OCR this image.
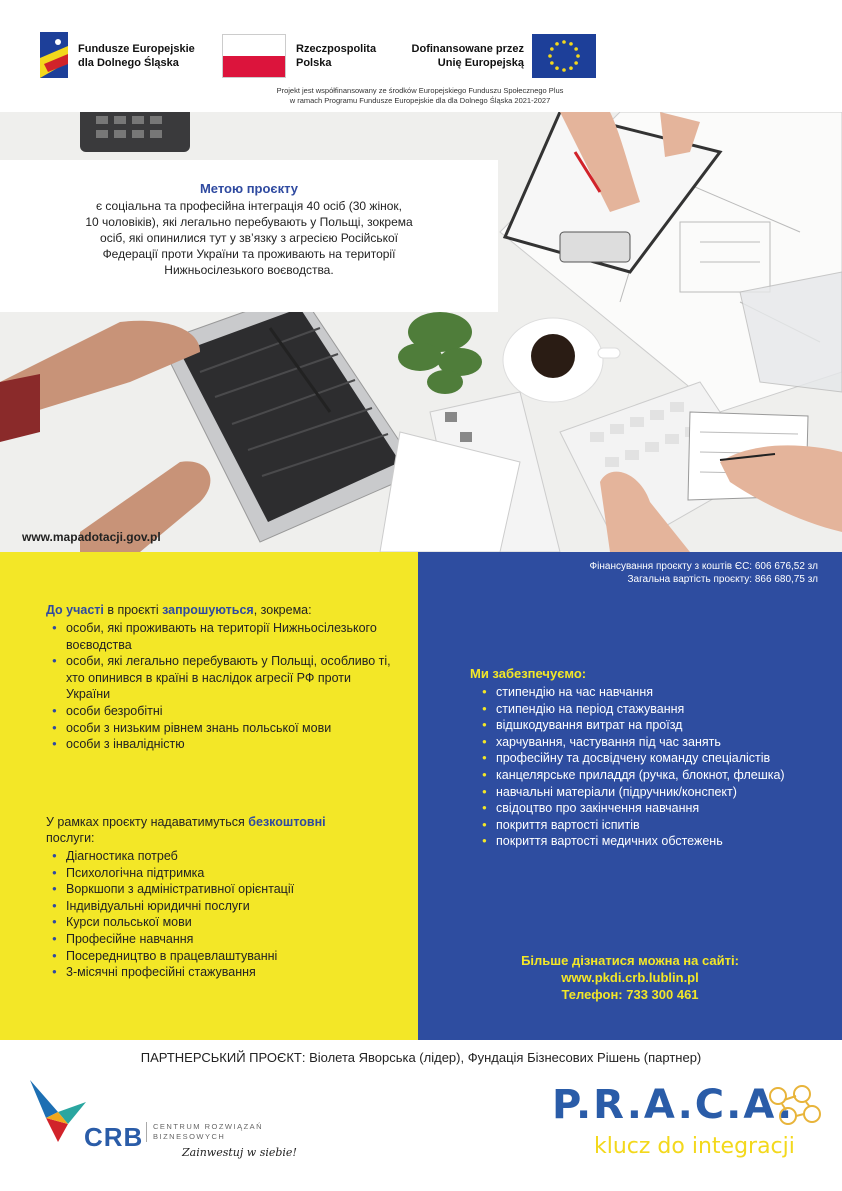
Fundusze Europejskie
dla Dolnego Śląska
Rzeczpospolita
Polska
Dofinansowane przez
Unię Europejską
Projekt jest współfinansowany ze środków Europejskiego Funduszu Społecznego Plus
w ramach Programu Fundusze Europejskie dla dla Dolnego Śląska 2021-2027
Метою проєкту
є соціальна та професійна інтеграція 40 осіб (30 жінок,
10 чоловіків), які легально перебувають у Польщі, зокрема
осіб, які опинилися тут у зв’язку з агресією Російської
Федерації проти України та проживають на території
Нижньосілезького воєводства.
www.mapadotacji.gov.pl
До участі в проєкті запрошуються, зокрема:
● особи, які проживають на території Нижньосілезького воєводства
● особи, які легально перебувають у Польщі, особливо ті, хто опинився в країні в наслідок агресії РФ проти України
● особи безробітні
● особи з низьким рівнем знань польської мови
● особи з інвалідністю
У рамках проєкту надаватимуться безкоштовні
послуги:
● Діагностика потреб
● Психологічна підтримка
● Воркшопи з адміністративної орієнтації
● Індивідуальні юридичні послуги
● Курси польської мови
● Професійне навчання
● Посередництво в працевлаштуванні
● 3-місячні професійні стажування
Фінансування проєкту з коштів ЄС: 606 676,52 зл
Загальна вартість проєкту: 866 680,75 зл
Ми забезпечуємо:
● стипендію на час навчання
● стипендію на період стажування
● відшкодування витрат на проїзд
● харчування, частування під час занять
● професійну та досвідчену команду спеціалістів
● канцелярське приладдя (ручка, блокнот, флешка)
● навчальні матеріали (підручник/конспект)
● свідоцтво про закінчення навчання
● покриття вартості іспитів
● покриття вартості медичних обстежень
Більше дізнатися можна на сайті:
www.pkdi.crb.lublin.pl
Телефон: 733 300 461
ПАРТНЕРСЬКИЙ ПРОЄКТ: Віолета Яворська (лідер), Фундація Бізнесових Рішень (партнер)
CRB CENTRUM ROZWIĄZAŃ
BIZNESOWYCH
Zainwestuj w siebie!
P.R.A.C.A.
klucz do integracji
